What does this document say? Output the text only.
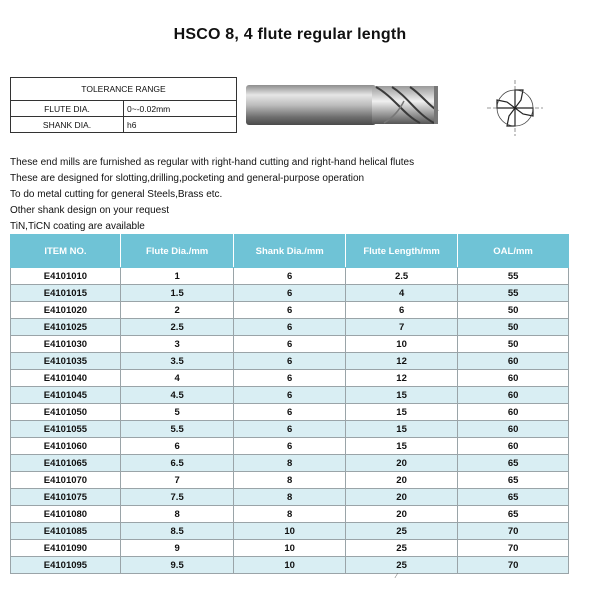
HSCO 8, 4 flute regular length
TOLERANCE RANGE	
FLUTE DIA.	0~-0.02mm
SHANK DIA.	h6
These end mills are furnished as regular with right-hand cutting and right-hand helical flutes
These are designed for slotting,drilling,pocketing and general-purpose operation
To do metal cutting for general Steels,Brass etc.
Other shank design on your request
TiN,TiCN coating are available
ITEM NO.	Flute Dia./mm	Shank Dia./mm	Flute Length/mm	OAL/mm
E4101010	1	6	2.5	55
E4101015	1.5	6	4	55
E4101020	2	6	6	50
E4101025	2.5	6	7	50
E4101030	3	6	10	50
E4101035	3.5	6	12	60
E4101040	4	6	12	60
E4101045	4.5	6	15	60
E4101050	5	6	15	60
E4101055	5.5	6	15	60
E4101060	6	6	15	60
E4101065	6.5	8	20	65
E4101070	7	8	20	65
E4101075	7.5	8	20	65
E4101080	8	8	20	65
E4101085	8.5	10	25	70
E4101090	9	10	25	70
E4101095	9.5	10	25	70
⁄
